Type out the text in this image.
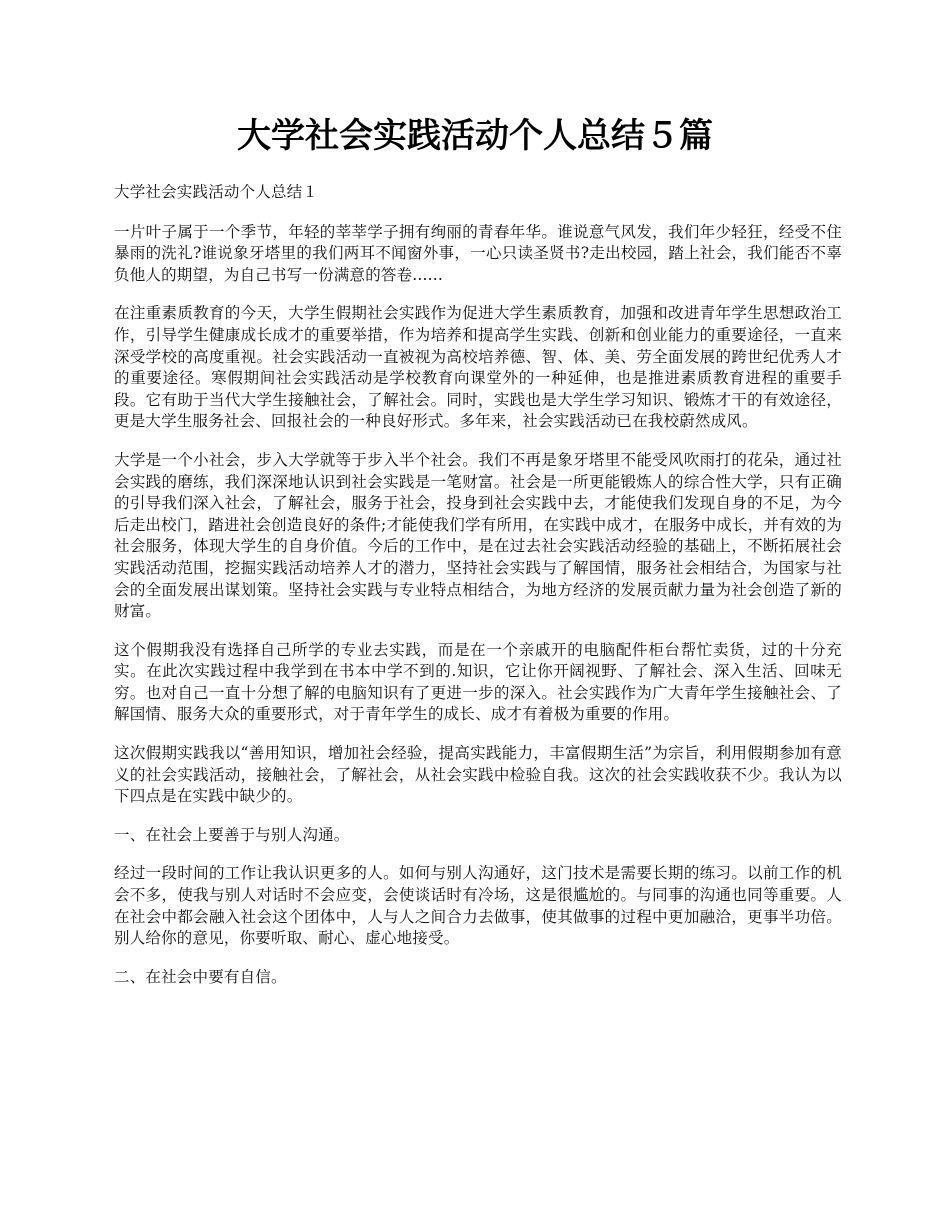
大学社会实践活动个人总结５篇

大学社会实践活动个人总结１

一片叶子属于一个季节，年轻的莘莘学子拥有绚丽的青春年华。谁说意气风发，我们年少轻狂，经受不住暴雨的洗礼?谁说象牙塔里的我们两耳不闻窗外事，一心只读圣贤书?走出校园，踏上社会，我们能否不辜负他人的期望，为自己书写一份满意的答卷......

在注重素质教育的今天，大学生假期社会实践作为促进大学生素质教育，加强和改进青年学生思想政治工作，引导学生健康成长成才的重要举措，作为培养和提高学生实践、创新和创业能力的重要途径，一直来深受学校的高度重视。社会实践活动一直被视为高校培养德、智、体、美、劳全面发展的跨世纪优秀人才的重要途径。寒假期间社会实践活动是学校教育向课堂外的一种延伸，也是推进素质教育进程的重要手段。它有助于当代大学生接触社会，了解社会。同时，实践也是大学生学习知识、锻炼才干的有效途径，更是大学生服务社会、回报社会的一种良好形式。多年来，社会实践活动已在我校蔚然成风。

大学是一个小社会，步入大学就等于步入半个社会。我们不再是象牙塔里不能受风吹雨打的花朵，通过社会实践的磨练，我们深深地认识到社会实践是一笔财富。社会是一所更能锻炼人的综合性大学，只有正确的引导我们深入社会，了解社会，服务于社会，投身到社会实践中去，才能使我们发现自身的不足，为今后走出校门，踏进社会创造良好的条件;才能使我们学有所用，在实践中成才，在服务中成长，并有效的为社会服务，体现大学生的自身价值。今后的工作中，是在过去社会实践活动经验的基础上，不断拓展社会实践活动范围，挖掘实践活动培养人才的潜力，坚持社会实践与了解国情，服务社会相结合，为国家与社会的全面发展出谋划策。坚持社会实践与专业特点相结合，为地方经济的发展贡献力量为社会创造了新的财富。

这个假期我没有选择自己所学的专业去实践，而是在一个亲戚开的电脑配件柜台帮忙卖货，过的十分充实。在此次实践过程中我学到在书本中学不到的.知识，它让你开阔视野、了解社会、深入生活、回味无穷。也对自己一直十分想了解的电脑知识有了更进一步的深入。社会实践作为广大青年学生接触社会、了解国情、服务大众的重要形式，对于青年学生的成长、成才有着极为重要的作用。

这次假期实践我以“善用知识，增加社会经验，提高实践能力，丰富假期生活”为宗旨，利用假期参加有意义的社会实践活动，接触社会，了解社会，从社会实践中检验自我。这次的社会实践收获不少。我认为以下四点是在实践中缺少的。

一、在社会上要善于与别人沟通。

经过一段时间的工作让我认识更多的人。如何与别人沟通好，这门技术是需要长期的练习。以前工作的机会不多，使我与别人对话时不会应变，会使谈话时有冷场，这是很尴尬的。与同事的沟通也同等重要。人在社会中都会融入社会这个团体中，人与人之间合力去做事，使其做事的过程中更加融洽，更事半功倍。别人给你的意见，你要听取、耐心、虚心地接受。

二、在社会中要有自信。
